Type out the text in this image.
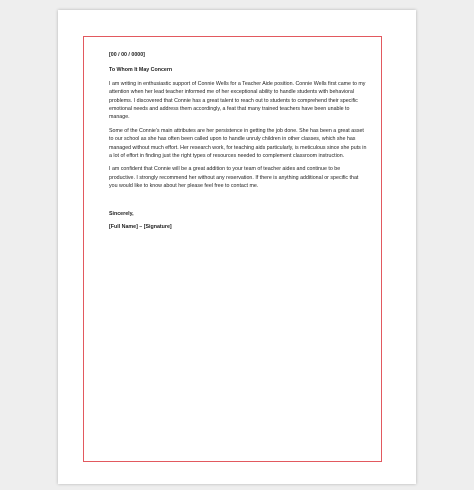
[00 / 00 / 0000]

To Whom It May Concern

I am writing in enthusiastic support of Connie Wells for a Teacher Aide position. Connie Wells first came to my attention when her lead teacher informed me of her exceptional ability to handle students with behavioral problems. I discovered that Connie has a great talent to reach out to students to comprehend their specific emotional needs and address them accordingly, a feat that many trained teachers have been unable to manage.

Some of the Connie’s main attributes are her persistence in getting the job done. She has been a great asset to our school as she has often been called upon to handle unruly children in other classes, which she has managed without much effort. Her research work, for teaching aids particularly, is meticulous since she puts in a lot of effort in finding just the right types of resources needed to complement classroom instruction.

I am confident that Connie will be a great addition to your team of teacher aides and continue to be productive. I strongly recommend her without any reservation. If there is anything additional or specific that you would like to know about her please feel free to contact me.

Sincerely,

[Full Name] – [Signature]
